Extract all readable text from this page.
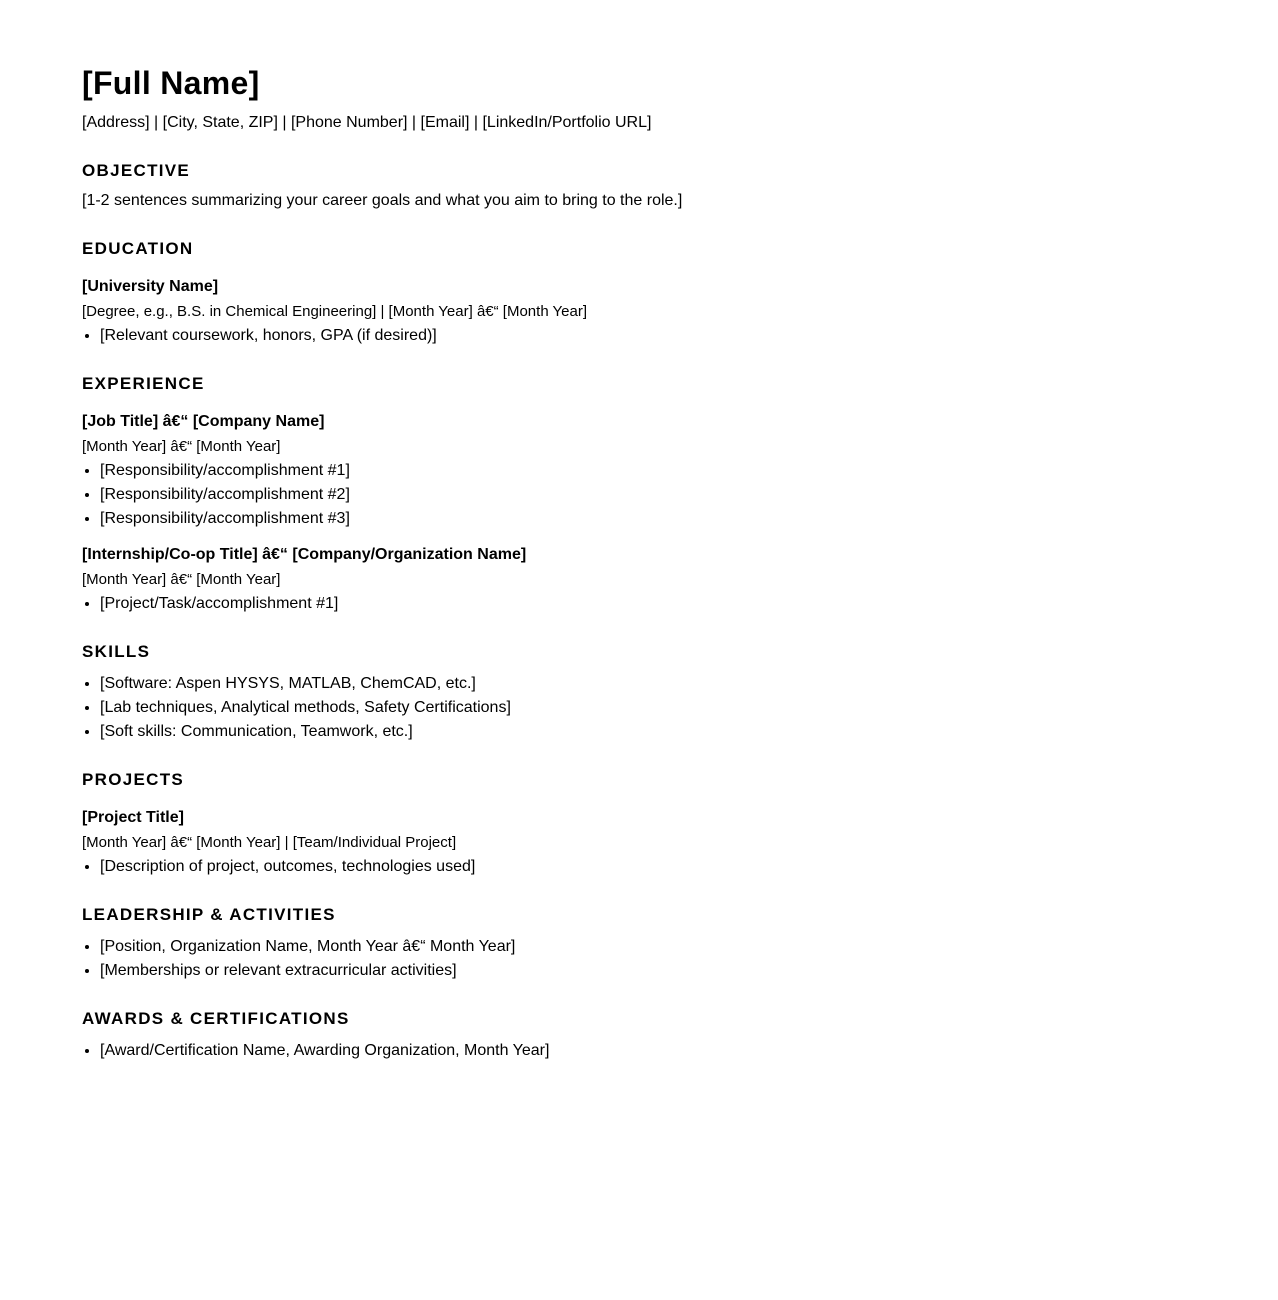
[Full Name]
[Address] | [City, State, ZIP] | [Phone Number] | [Email] | [LinkedIn/Portfolio URL]
OBJECTIVE
[1-2 sentences summarizing your career goals and what you aim to bring to the role.]
EDUCATION
[University Name]
[Degree, e.g., B.S. in Chemical Engineering] | [Month Year] â€“ [Month Year]
• [Relevant coursework, honors, GPA (if desired)]
EXPERIENCE
[Job Title] â€“ [Company Name]
[Month Year] â€“ [Month Year]
• [Responsibility/accomplishment #1]
• [Responsibility/accomplishment #2]
• [Responsibility/accomplishment #3]
[Internship/Co-op Title] â€“ [Company/Organization Name]
[Month Year] â€“ [Month Year]
• [Project/Task/accomplishment #1]
SKILLS
• [Software: Aspen HYSYS, MATLAB, ChemCAD, etc.]
• [Lab techniques, Analytical methods, Safety Certifications]
• [Soft skills: Communication, Teamwork, etc.]
PROJECTS
[Project Title]
[Month Year] â€“ [Month Year] | [Team/Individual Project]
• [Description of project, outcomes, technologies used]
LEADERSHIP & ACTIVITIES
• [Position, Organization Name, Month Year â€“ Month Year]
• [Memberships or relevant extracurricular activities]
AWARDS & CERTIFICATIONS
• [Award/Certification Name, Awarding Organization, Month Year]
